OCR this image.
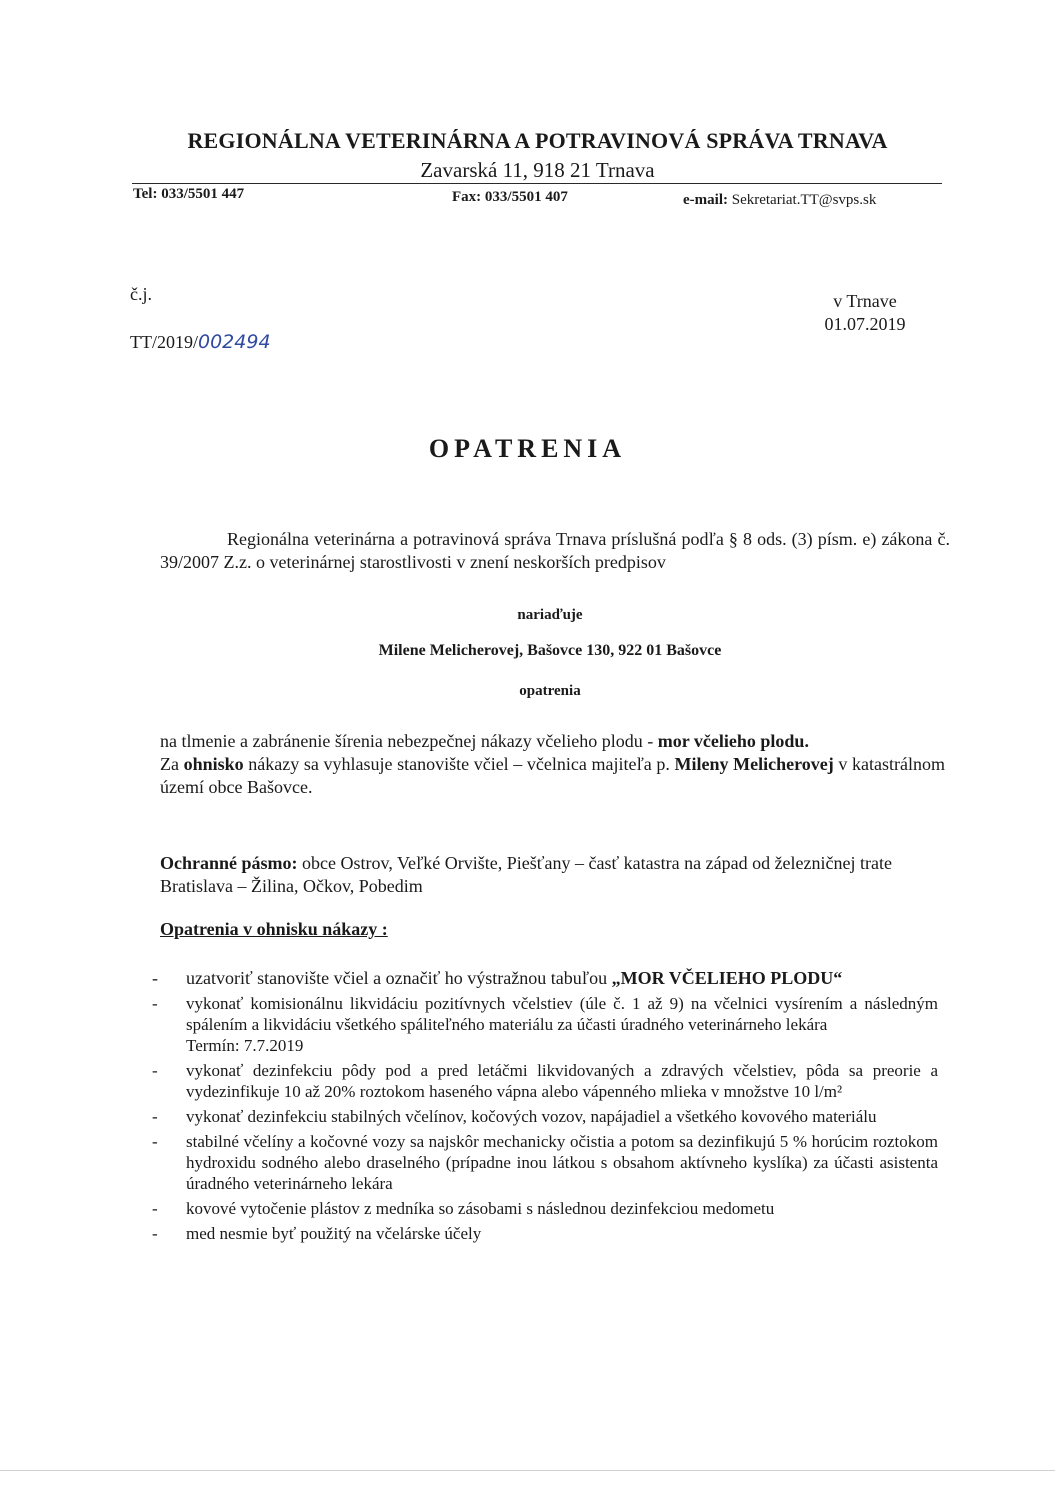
REGIONÁLNA VETERINÁRNA A POTRAVINOVÁ SPRÁVA TRNAVA
Zavarská 11, 918 21 Trnava
Tel: 033/5501 447	Fax: 033/5501 407	e-mail: Sekretariat.TT@svps.sk
č.j.
TT/2019/002494
v Trnave
01.07.2019
OPATRENIA
Regionálna veterinárna a potravinová správa Trnava príslušná podľa § 8 ods. (3) písm. e) zákona č. 39/2007 Z.z. o veterinárnej starostlivosti v znení neskorších predpisov
nariaďuje
Milene Melicherovej, Bašovce 130, 922 01 Bašovce
opatrenia
na tlmenie a zabránenie šírenia nebezpečnej nákazy včelieho plodu - mor včelieho plodu.
Za ohnisko nákazy sa vyhlasuje stanovište včiel – včelnica majiteľa p. Mileny Melicherovej v katastrálnom území obce Bašovce.
Ochranné pásmo: obce Ostrov, Veľké Orvište, Piešťany – časť katastra na západ od železničnej trate Bratislava – Žilina, Očkov, Pobedim
Opatrenia v ohnisku nákazy :
- uzatvoriť stanovište včiel a označiť ho výstražnou tabuľou „MOR VČELIEHO PLODU“
- vykonať komisionálnu likvidáciu pozitívnych včelstiev (úle č. 1 až 9) na včelnici vysírením a následným spálením a likvidáciu všetkého spáliteľného materiálu za účasti úradného veterinárneho lekára
Termín: 7.7.2019
- vykonať dezinfekciu pôdy pod a pred letáčmi likvidovaných a zdravých včelstiev, pôda sa preorie a vydezinfikuje 10 až 20% roztokom haseného vápna alebo vápenného mlieka v množstve 10 l/m²
- vykonať dezinfekciu stabilných včelínov, kočových vozov, napájadiel a všetkého kovového materiálu
- stabilné včelíny a kočovné vozy sa najskôr mechanicky očistia a potom sa dezinfikujú 5 % horúcim roztokom hydroxidu sodného alebo draselného (prípadne inou látkou s obsahom aktívneho kyslíka) za účasti asistenta úradného veterinárneho lekára
- kovové vytočenie plástov z medníka so zásobami s následnou dezinfekciou medometu
- med nesmie byť použitý na včelárske účely
